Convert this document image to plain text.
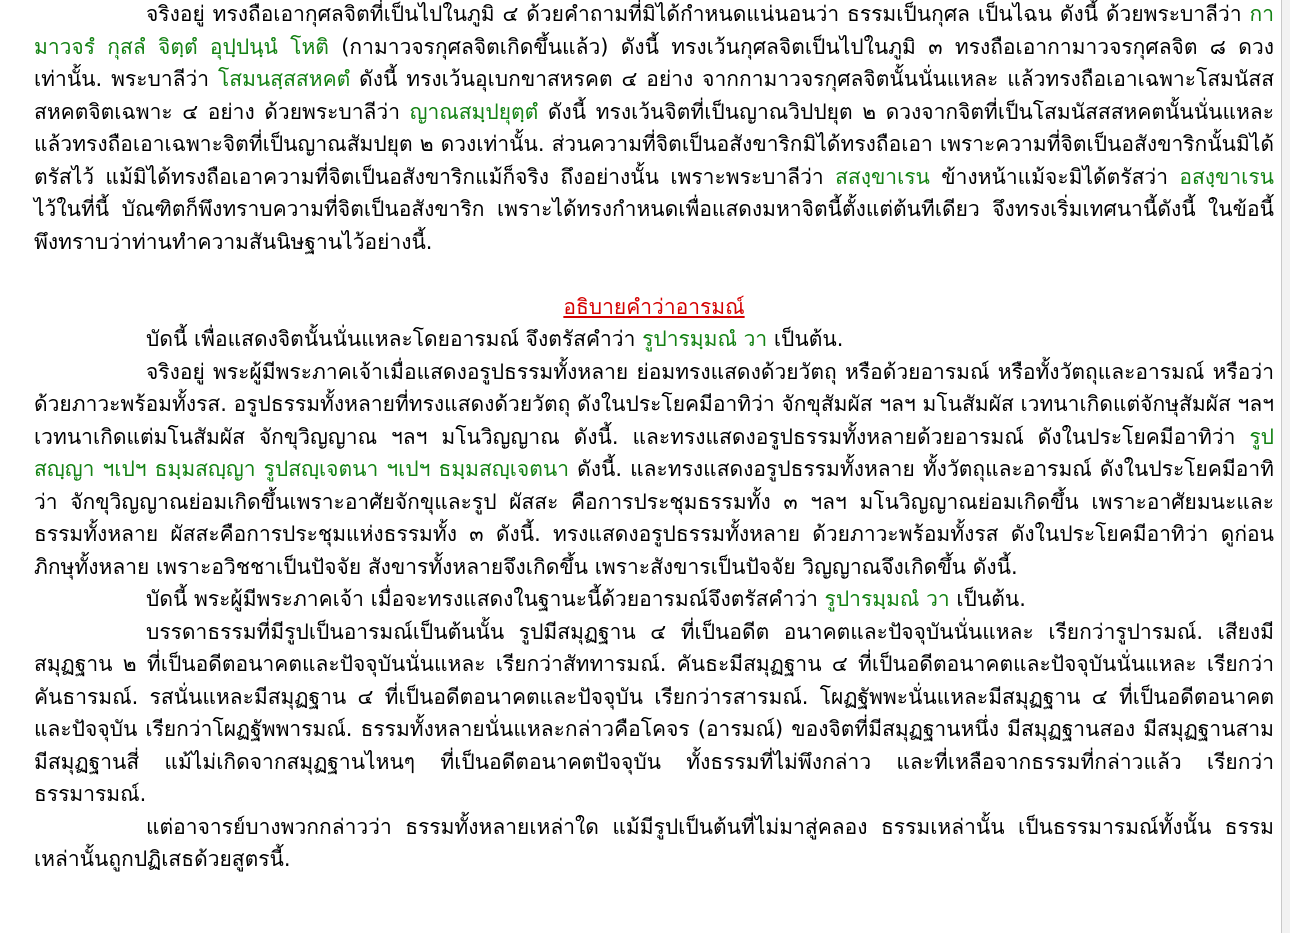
จริงอยู่ ทรงถือเอากุศลจิตที่เป็นไปในภูมิ ๔ ด้วยคำถามที่มิได้กำหนดแน่นอนว่า ธรรมเป็นกุศล เป็นไฉน ดังนี้ ด้วยพระบาลีว่า กามาวจรํ กุสลํ จิตฺตํ อุปฺปนฺนํ โหติ (กามาวจรกุศลจิตเกิดขึ้นแล้ว) ดังนี้ ทรงเว้นกุศลจิตเป็นไปในภูมิ ๓ ทรงถือเอากามาวจรกุศลจิต ๘ ดวงเท่านั้น. พระบาลีว่า โสมนสฺสสหคตํ ดังนี้ ทรงเว้นอุเบกขาสหรคต ๔ อย่าง จากกามาวจรกุศลจิตนั้นนั่นแหละ แล้วทรงถือเอาเฉพาะโสมนัสสสหคตจิตเฉพาะ ๔ อย่าง ด้วยพระบาลีว่า ญาณสมฺปยุตฺตํ ดังนี้ ทรงเว้นจิตที่เป็นญาณวิปปยุต ๒ ดวงจากจิตที่เป็นโสมนัสสสหคตนั้นนั่นแหละ แล้วทรงถือเอาเฉพาะจิตที่เป็นญาณสัมปยุต ๒ ดวงเท่านั้น. ส่วนความที่จิตเป็นอสังขาริกมิได้ทรงถือเอา เพราะความที่จิตเป็นอสังขาริกนั้นมิได้ตรัสไว้ แม้มิได้ทรงถือเอาความที่จิตเป็นอสังขาริกแม้ก็จริง ถึงอย่างนั้น เพราะพระบาลีว่า สสงฺขาเรน ข้างหน้าแม้จะมิได้ตรัสว่า อสงฺขาเรน ไว้ในที่นี้ บัณฑิตก็พึงทราบความที่จิตเป็นอสังขาริก เพราะได้ทรงกำหนดเพื่อแสดงมหาจิตนี้ตั้งแต่ต้นทีเดียว จึงทรงเริ่มเทศนานี้ดังนี้ ในข้อนี้ พึงทราบว่าท่านทำความสันนิษฐานไว้อย่างนี้.

อธิบายคำว่าอารมณ์

บัดนี้ เพื่อแสดงจิตนั้นนั่นแหละโดยอารมณ์ จึงตรัสคำว่า รูปารมฺมณํ วา เป็นต้น.

จริงอยู่ พระผู้มีพระภาคเจ้าเมื่อแสดงอรูปธรรมทั้งหลาย ย่อมทรงแสดงด้วยวัตถุ หรือด้วยอารมณ์ หรือทั้งวัตถุและอารมณ์ หรือว่าด้วยภาวะพร้อมทั้งรส. อรูปธรรมทั้งหลายที่ทรงแสดงด้วยวัตถุ ดังในประโยคมีอาทิว่า จักขุสัมผัส ฯลฯ มโนสัมผัส เวทนาเกิดแต่จักษุสัมผัส ฯลฯ เวทนาเกิดแต่มโนสัมผัส จักขุวิญญาณ ฯลฯ มโนวิญญาณ ดังนี้. และทรงแสดงอรูปธรรมทั้งหลายด้วยอารมณ์ ดังในประโยคมีอาทิว่า รูปสญฺญา ฯเปฯ ธมฺมสญฺญา รูปสญฺเจตนา ฯเปฯ ธมฺมสญฺเจตนา ดังนี้. และทรงแสดงอรูปธรรมทั้งหลาย ทั้งวัตถุและอารมณ์ ดังในประโยคมีอาทิว่า จักขุวิญญาณย่อมเกิดขึ้นเพราะอาศัยจักขุและรูป ผัสสะ คือการประชุมธรรมทั้ง ๓ ฯลฯ มโนวิญญาณย่อมเกิดขึ้น เพราะอาศัยมนะและธรรมทั้งหลาย ผัสสะคือการประชุมแห่งธรรมทั้ง ๓ ดังนี้. ทรงแสดงอรูปธรรมทั้งหลาย ด้วยภาวะพร้อมทั้งรส ดังในประโยคมีอาทิว่า ดูก่อนภิกษุทั้งหลาย เพราะอวิชชาเป็นปัจจัย สังขารทั้งหลายจึงเกิดขึ้น เพราะสังขารเป็นปัจจัย วิญญาณจึงเกิดขึ้น ดังนี้.

บัดนี้ พระผู้มีพระภาคเจ้า เมื่อจะทรงแสดงในฐานะนี้ด้วยอารมณ์จึงตรัสคำว่า รูปารมฺมณํ วา เป็นต้น.

บรรดาธรรมที่มีรูปเป็นอารมณ์เป็นต้นนั้น รูปมีสมุฏฐาน ๔ ที่เป็นอดีต อนาคตและปัจจุบันนั่นแหละ เรียกว่ารูปารมณ์. เสียงมีสมุฏฐาน ๒ ที่เป็นอดีตอนาคตและปัจจุบันนั่นแหละ เรียกว่าสัททารมณ์. คันธะมีสมุฏฐาน ๔ ที่เป็นอดีตอนาคตและปัจจุบันนั่นแหละ เรียกว่าคันธารมณ์. รสนั่นแหละมีสมุฏฐาน ๔ ที่เป็นอดีตอนาคตและปัจจุบัน เรียกว่ารสารมณ์. โผฏฐัพพะนั่นแหละมีสมุฏฐาน ๔ ที่เป็นอดีตอนาคตและปัจจุบัน เรียกว่าโผฏฐัพพารมณ์. ธรรมทั้งหลายนั่นแหละกล่าวคือโคจร (อารมณ์) ของจิตที่มีสมุฏฐานหนึ่ง มีสมุฏฐานสอง มีสมุฏฐานสาม มีสมุฏฐานสี่ แม้ไม่เกิดจากสมุฏฐานไหนๆ ที่เป็นอดีตอนาคตปัจจุบัน ทั้งธรรมที่ไม่พึงกล่าว และที่เหลือจากธรรมที่กล่าวแล้ว เรียกว่าธรรมารมณ์.

แต่อาจารย์บางพวกกล่าวว่า ธรรมทั้งหลายเหล่าใด แม้มีรูปเป็นต้นที่ไม่มาสู่คลอง ธรรมเหล่านั้น เป็นธรรมารมณ์ทั้งนั้น ธรรมเหล่านั้นถูกปฏิเสธด้วยสูตรนี้.
